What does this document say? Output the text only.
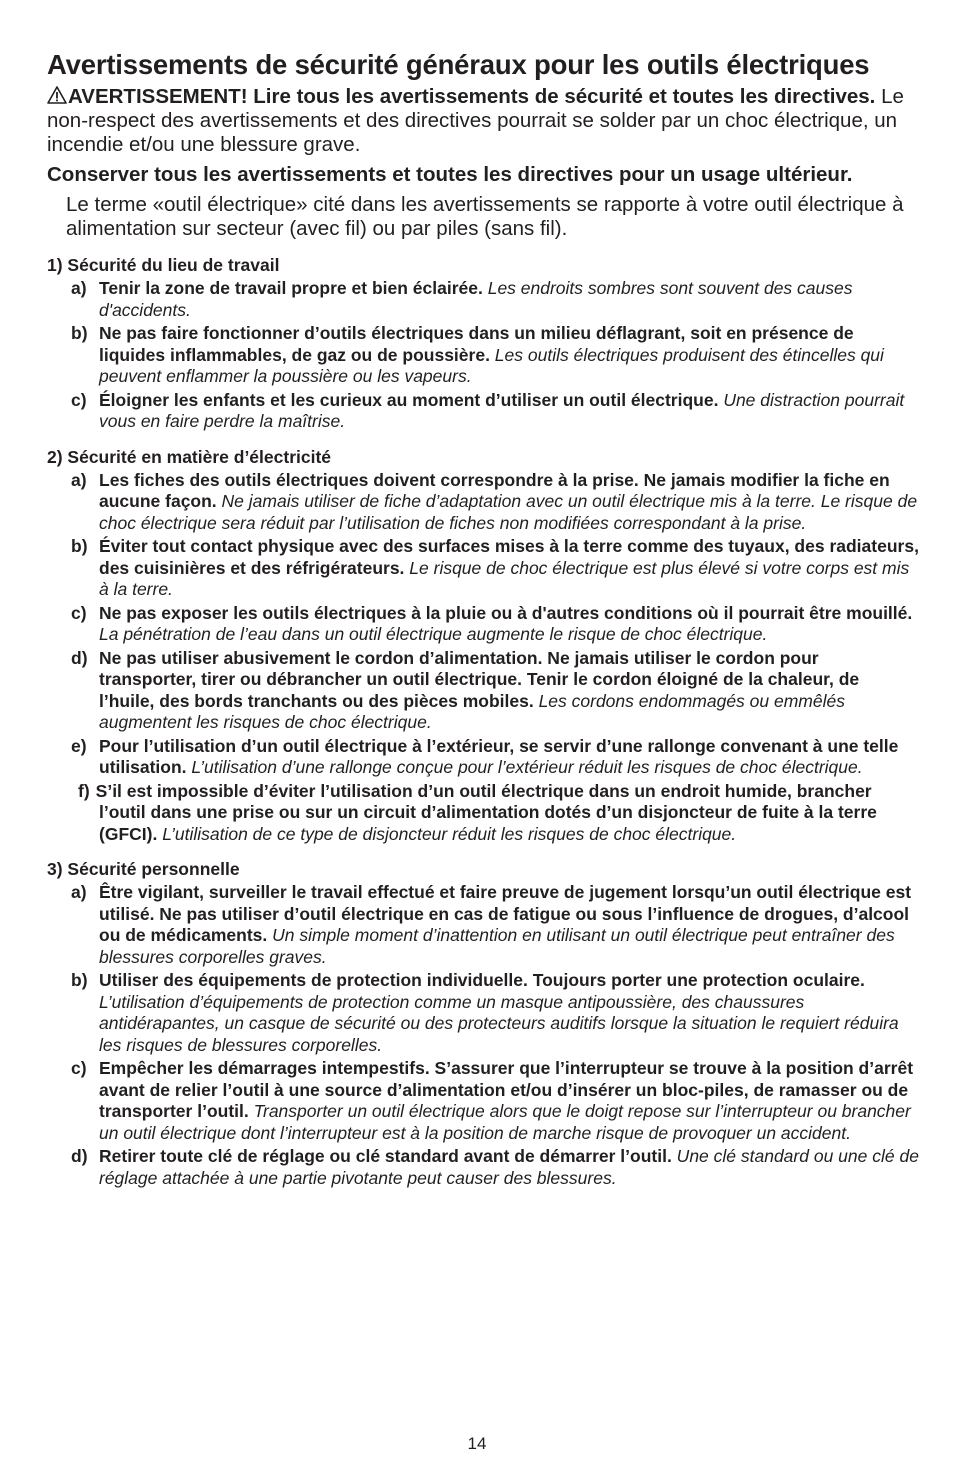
Avertissements de sécurité généraux pour les outils électriques

AVERTISSEMENT! Lire tous les avertissements de sécurité et toutes les directives. Le non-respect des avertissements et des directives pourrait se solder par un choc électrique, un incendie et/ou une blessure grave.

Conserver tous les avertissements et toutes les directives pour un usage ultérieur.

Le terme «outil électrique» cité dans les avertissements se rapporte à votre outil électrique à alimentation sur secteur (avec fil) ou par piles (sans fil).

1) Sécurité du lieu de travail
a) Tenir la zone de travail propre et bien éclairée. Les endroits sombres sont souvent des causes d'accidents.
b) Ne pas faire fonctionner d’outils électriques dans un milieu déflagrant, soit en présence de liquides inflammables, de gaz ou de poussière. Les outils électriques produisent des étincelles qui peuvent enflammer la poussière ou les vapeurs.
c) Éloigner les enfants et les curieux au moment d’utiliser un outil électrique. Une distraction pourrait vous en faire perdre la maîtrise.
2) Sécurité en matière d’électricité
a) Les fiches des outils électriques doivent correspondre à la prise. Ne jamais modifier la fiche en aucune façon. Ne jamais utiliser de fiche d’adaptation avec un outil électrique mis à la terre. Le risque de choc électrique sera réduit par l’utilisation de fiches non modifiées correspondant à la prise.
b) Éviter tout contact physique avec des surfaces mises à la terre comme des tuyaux, des radiateurs, des cuisinières et des réfrigérateurs. Le risque de choc électrique est plus élevé si votre corps est mis à la terre.
c) Ne pas exposer les outils électriques à la pluie ou à d'autres conditions où il pourrait être mouillé. La pénétration de l’eau dans un outil électrique augmente le risque de choc électrique.
d) Ne pas utiliser abusivement le cordon d’alimentation. Ne jamais utiliser le cordon pour transporter, tirer ou débrancher un outil électrique. Tenir le cordon éloigné de la chaleur, de l’huile, des bords tranchants ou des pièces mobiles. Les cordons endommagés ou emmêlés augmentent les risques de choc électrique.
e) Pour l’utilisation d’un outil électrique à l’extérieur, se servir d’une rallonge convenant à une telle utilisation. L’utilisation d’une rallonge conçue pour l’extérieur réduit les risques de choc électrique.
f) S’il est impossible d’éviter l’utilisation d’un outil électrique dans un endroit humide, brancher l’outil dans une prise ou sur un circuit d’alimentation dotés d’un disjoncteur de fuite à la terre (GFCI). L’utilisation de ce type de disjoncteur réduit les risques de choc électrique.
3) Sécurité personnelle
a) Être vigilant, surveiller le travail effectué et faire preuve de jugement lorsqu’un outil électrique est utilisé. Ne pas utiliser d’outil électrique en cas de fatigue ou sous l’influence de drogues, d’alcool ou de médicaments. Un simple moment d’inattention en utilisant un outil électrique peut entraîner des blessures corporelles graves.
b) Utiliser des équipements de protection individuelle. Toujours porter une protection oculaire. L’utilisation d’équipements de protection comme un masque antipoussière, des chaussures antidérapantes, un casque de sécurité ou des protecteurs auditifs lorsque la situation le requiert réduira les risques de blessures corporelles.
c) Empêcher les démarrages intempestifs. S’assurer que l’interrupteur se trouve à la position d’arrêt avant de relier l’outil à une source d’alimentation et/ou d’insérer un bloc-piles, de ramasser ou de transporter l’outil. Transporter un outil électrique alors que le doigt repose sur l’interrupteur ou brancher un outil électrique dont l’interrupteur est à la position de marche risque de provoquer un accident.
d) Retirer toute clé de réglage ou clé standard avant de démarrer l’outil. Une clé standard ou une clé de réglage attachée à une partie pivotante peut causer des blessures.
14
